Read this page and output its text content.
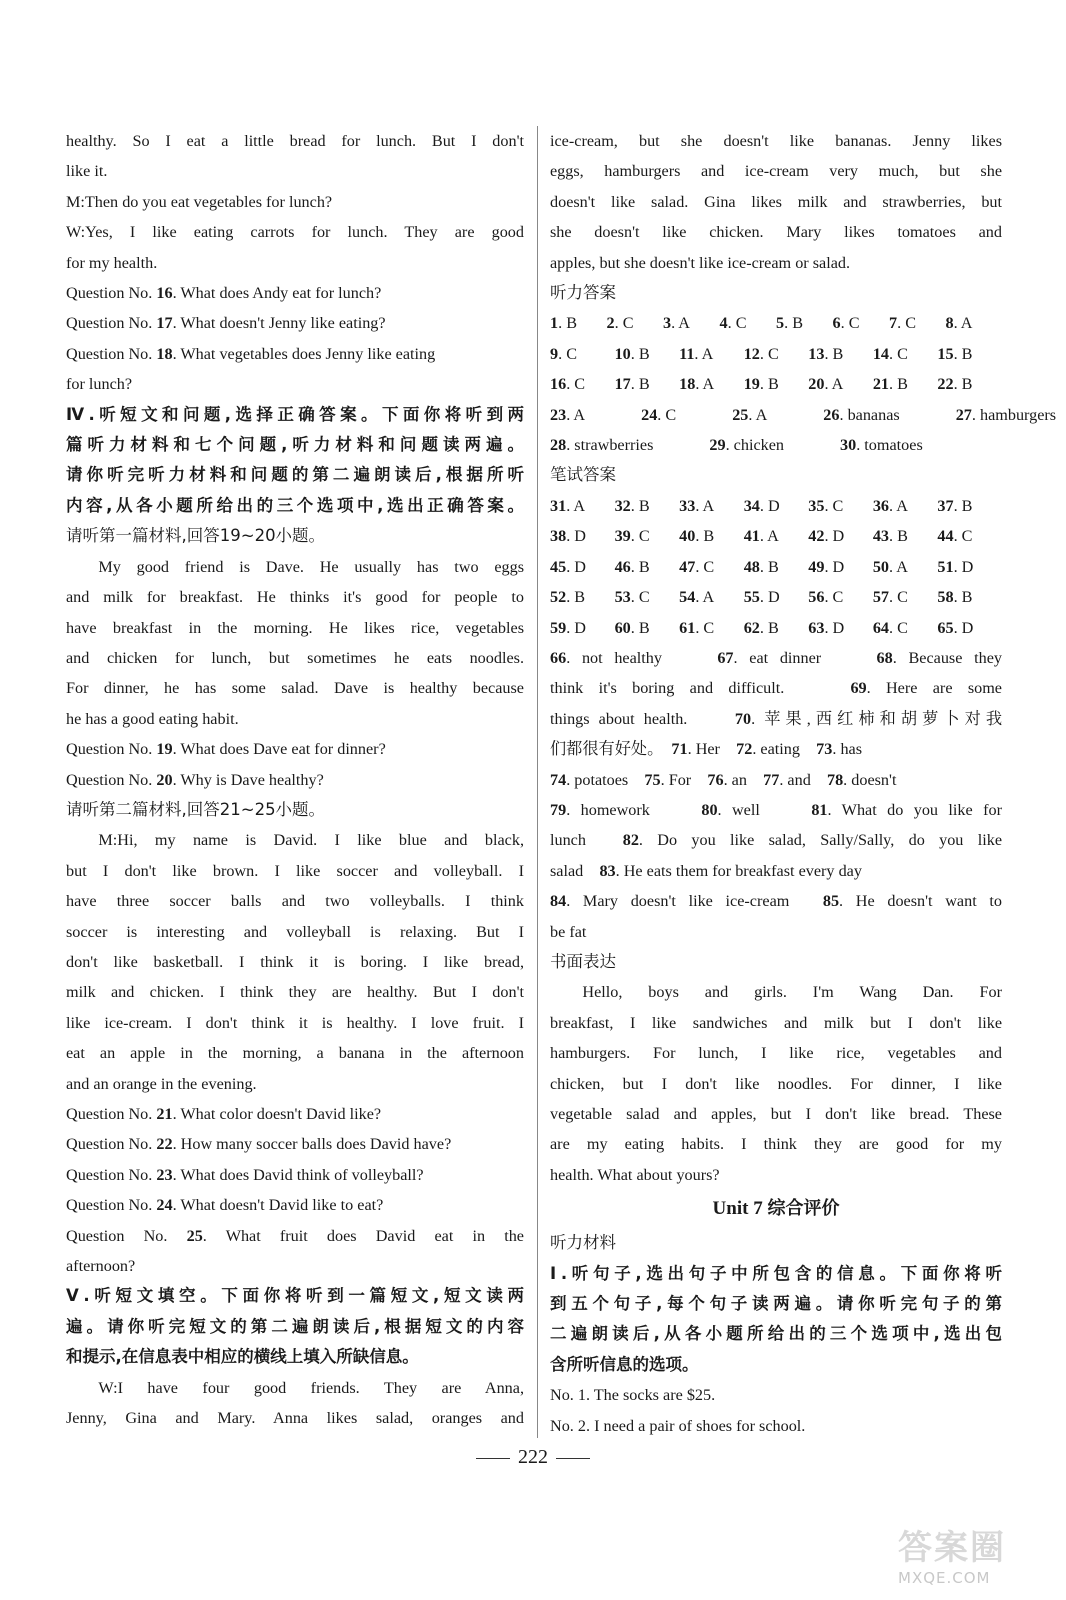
healthy. So I eat a little bread for lunch. But I don't

like it.

M:Then do you eat vegetables for lunch?

W:Yes, I like eating carrots for lunch. They are good

for my health.

Question No. 16. What does Andy eat for lunch?

Question No. 17. What doesn't Jenny like eating?

Question No. 18. What vegetables does Jenny like eating

for lunch?

Ⅳ.听短文和问题,选择正确答案。下面你将听到两

篇听力材料和七个问题,听力材料和问题读两遍。

请你听完听力材料和问题的第二遍朗读后,根据所听

内容,从各小题所给出的三个选项中,选出正确答案。

请听第一篇材料,回答19~20小题。

My good friend is Dave. He usually has two eggs

and milk for breakfast. He thinks it's good for people to

have breakfast in the morning. He likes rice, vegetables

and chicken for lunch, but sometimes he eats noodles.

For dinner, he has some salad. Dave is healthy because

he has a good eating habit.

Question No. 19. What does Dave eat for dinner?

Question No. 20. Why is Dave healthy?

请听第二篇材料,回答21~25小题。

M:Hi, my name is David. I like blue and black,

but I don't like brown. I like soccer and volleyball. I

have three soccer balls and two volleyballs. I think

soccer is interesting and volleyball is relaxing. But I

don't like basketball. I think it is boring. I like bread,

milk and chicken. I think they are healthy. But I don't

like ice-cream. I don't think it is healthy. I love fruit. I

eat an apple in the morning, a banana in the afternoon

and an orange in the evening.

Question No. 21. What color doesn't David like?

Question No. 22. How many soccer balls does David have?

Question No. 23. What does David think of volleyball?

Question No. 24. What doesn't David like to eat?

Question No. 25. What fruit does David eat in the

afternoon?

Ⅴ.听短文填空。下面你将听到一篇短文,短文读两

遍。请你听完短文的第二遍朗读后,根据短文的内容

和提示,在信息表中相应的横线上填入所缺信息。

W:I have four good friends. They are Anna,

Jenny, Gina and Mary. Anna likes salad, oranges and

ice-cream, but she doesn't like bananas. Jenny likes

eggs, hamburgers and ice-cream very much, but she

doesn't like salad. Gina likes milk and strawberries, but

she doesn't like chicken. Mary likes tomatoes and

apples, but she doesn't like ice-cream or salad.

听力答案

1. B	2. C	3. A	4. C	5. B	6. C	7. C	8. A
9. C	10. B	11. A	12. C	13. B	14. C	15. B
16. C	17. B	18. A	19. B	20. A	21. B	22. B
23. A	24. C	25. A	26. bananas	27. hamburgers
28. strawberries	29. chicken	30. tomatoes

笔试答案

31. A	32. B	33. A	34. D	35. C	36. A	37. B
38. D	39. C	40. B	41. A	42. D	43. B	44. C
45. D	46. B	47. C	48. B	49. D	50. A	51. D
52. B	53. C	54. A	55. D	56. C	57. C	58. B
59. D	60. B	61. C	62. B	63. D	64. C	65. D

66. not healthy　　67. eat dinner　　68. Because they

think it's boring and difficult.　　69. Here are some

things about health.　　70. 苹果,西红柿和胡萝卜对我

们都很有好处。　71. Her　72. eating　73. has

74. potatoes　75. For　76. an　77. and　78. doesn't

79. homework　　80. well　　81. What do you like for

lunch　82. Do you like salad, Sally/Sally, do you like

salad　83. He eats them for breakfast every day

84. Mary doesn't like ice-cream　85. He doesn't want to

be fat

书面表达

Hello, boys and girls. I'm Wang Dan. For

breakfast, I like sandwiches and milk but I don't like

hamburgers. For lunch, I like rice, vegetables and

chicken, but I don't like noodles. For dinner, I like

vegetable salad and apples, but I don't like bread. These

are my eating habits. I think they are good for my

health. What about yours?

Unit 7 综合评价

听力材料

Ⅰ.听句子,选出句子中所包含的信息。下面你将听

到五个句子,每个句子读两遍。请你听完句子的第

二遍朗读后,从各小题所给出的三个选项中,选出包

含所听信息的选项。

No. 1. The socks are $25.

No. 2. I need a pair of shoes for school.

222
答案圈
MXQE.COM
